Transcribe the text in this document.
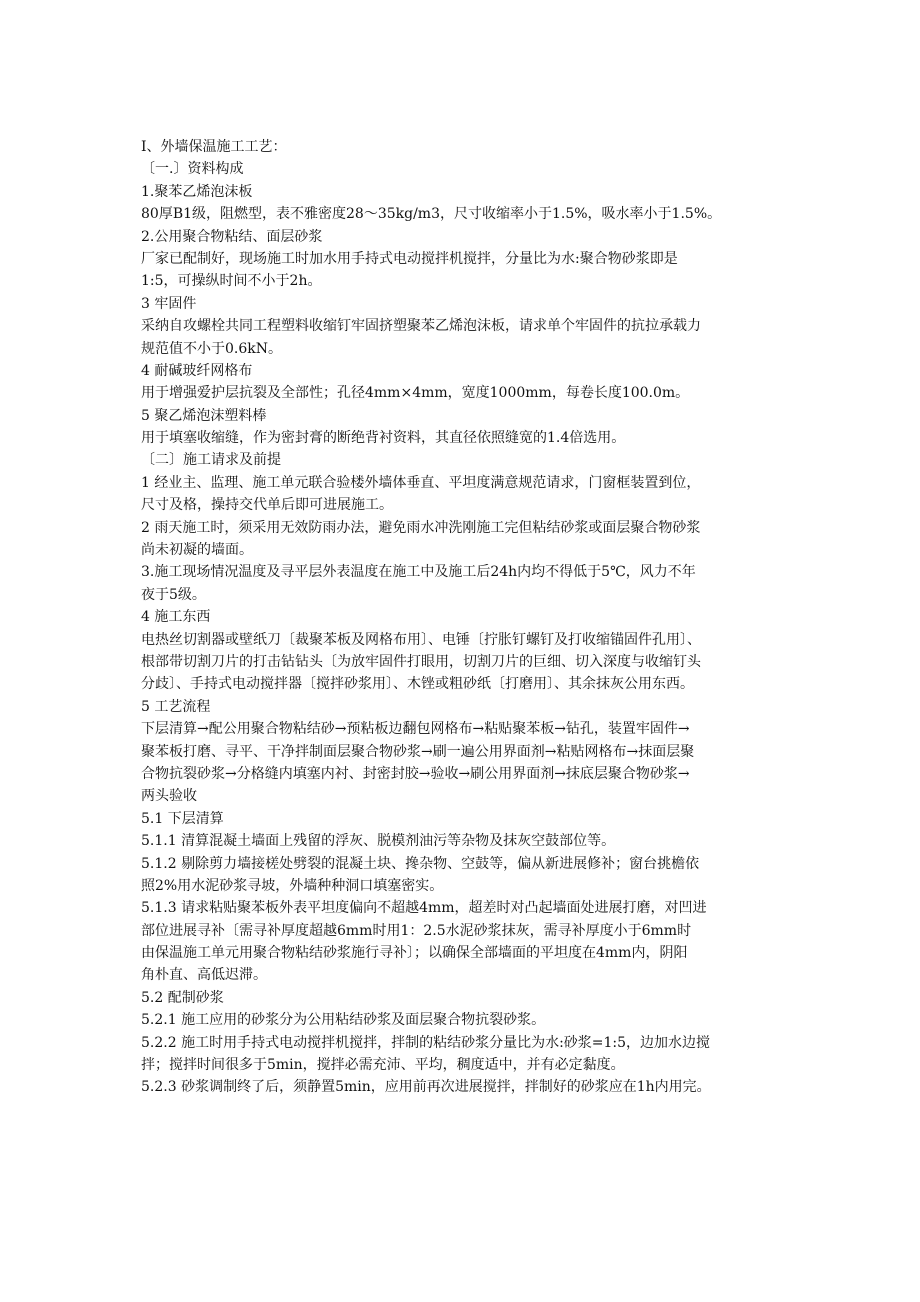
Ⅰ、外墙保温施工工艺：
〔一.〕资料构成
1.聚苯乙烯泡沫板
80厚B1级，阻燃型，表不雅密度28～35kg/m3，尺寸收缩率小于1.5%，吸水率小于1.5%。
2.公用聚合物粘结、面层砂浆
厂家已配制好，现场施工时加水用手持式电动搅拌机搅拌，分量比为水:聚合物砂浆即是
1:5，可操纵时间不小于2h。
3 牢固件
采纳自攻螺栓共同工程塑料收缩钉牢固挤塑聚苯乙烯泡沫板，请求单个牢固件的抗拉承载力
规范值不小于0.6kN。
4 耐碱玻纤网格布
用于增强爱护层抗裂及全部性；孔径4mm×4mm，宽度1000mm，每卷长度100.0m。
5 聚乙烯泡沫塑料棒
用于填塞收缩缝，作为密封膏的断绝背衬资料，其直径依照缝宽的1.4倍选用。
〔二〕施工请求及前提
1 经业主、监理、施工单元联合验楼外墙体垂直、平坦度满意规范请求，门窗框装置到位，
尺寸及格，操持交代单后即可进展施工。
2 雨天施工时，须采用无效防雨办法，避免雨水冲洗刚施工完但粘结砂浆或面层聚合物砂浆
尚未初凝的墙面。
3.施工现场情况温度及寻平层外表温度在施工中及施工后24h内均不得低于5℃，风力不年
夜于5级。
4 施工东西
电热丝切割器或壁纸刀〔裁聚苯板及网格布用〕、电锤〔拧胀钉螺钉及打收缩锚固件孔用〕、
根部带切割刀片的打击钻钻头〔为放牢固件打眼用，切割刀片的巨细、切入深度与收缩钉头
分歧〕、手持式电动搅拌器〔搅拌砂浆用〕、木锉或粗砂纸〔打磨用〕、其余抹灰公用东西。
5 工艺流程
下层清算→配公用聚合物粘结砂→预粘板边翻包网格布→粘贴聚苯板→钻孔，装置牢固件→
聚苯板打磨、寻平、干净拌制面层聚合物砂浆→刷一遍公用界面剂→粘贴网格布→抹面层聚
合物抗裂砂浆→分格缝内填塞内衬、封密封胶→验收→刷公用界面剂→抹底层聚合物砂浆→
两头验收
5.1 下层清算
5.1.1 清算混凝土墙面上残留的浮灰、脱模剂油污等杂物及抹灰空鼓部位等。
5.1.2 剔除剪力墙接槎处劈裂的混凝土块、搀杂物、空鼓等，偏从新进展修补；窗台挑檐依
照2%用水泥砂浆寻坡，外墙种种洞口填塞密实。
5.1.3 请求粘贴聚苯板外表平坦度偏向不超越4mm，超差时对凸起墙面处进展打磨，对凹进
部位进展寻补〔需寻补厚度超越6mm时用1：2.5水泥砂浆抹灰，需寻补厚度小于6mm时
由保温施工单元用聚合物粘结砂浆施行寻补〕；以确保全部墙面的平坦度在4mm内，阴阳
角朴直、高低迟滞。
5.2 配制砂浆
5.2.1 施工应用的砂浆分为公用粘结砂浆及面层聚合物抗裂砂浆。
5.2.2 施工时用手持式电动搅拌机搅拌，拌制的粘结砂浆分量比为水:砂浆=1:5，边加水边搅
拌；搅拌时间很多于5min，搅拌必需充沛、平均，稠度适中，并有必定黏度。
5.2.3 砂浆调制终了后，须静置5min，应用前再次进展搅拌，拌制好的砂浆应在1h内用完。
